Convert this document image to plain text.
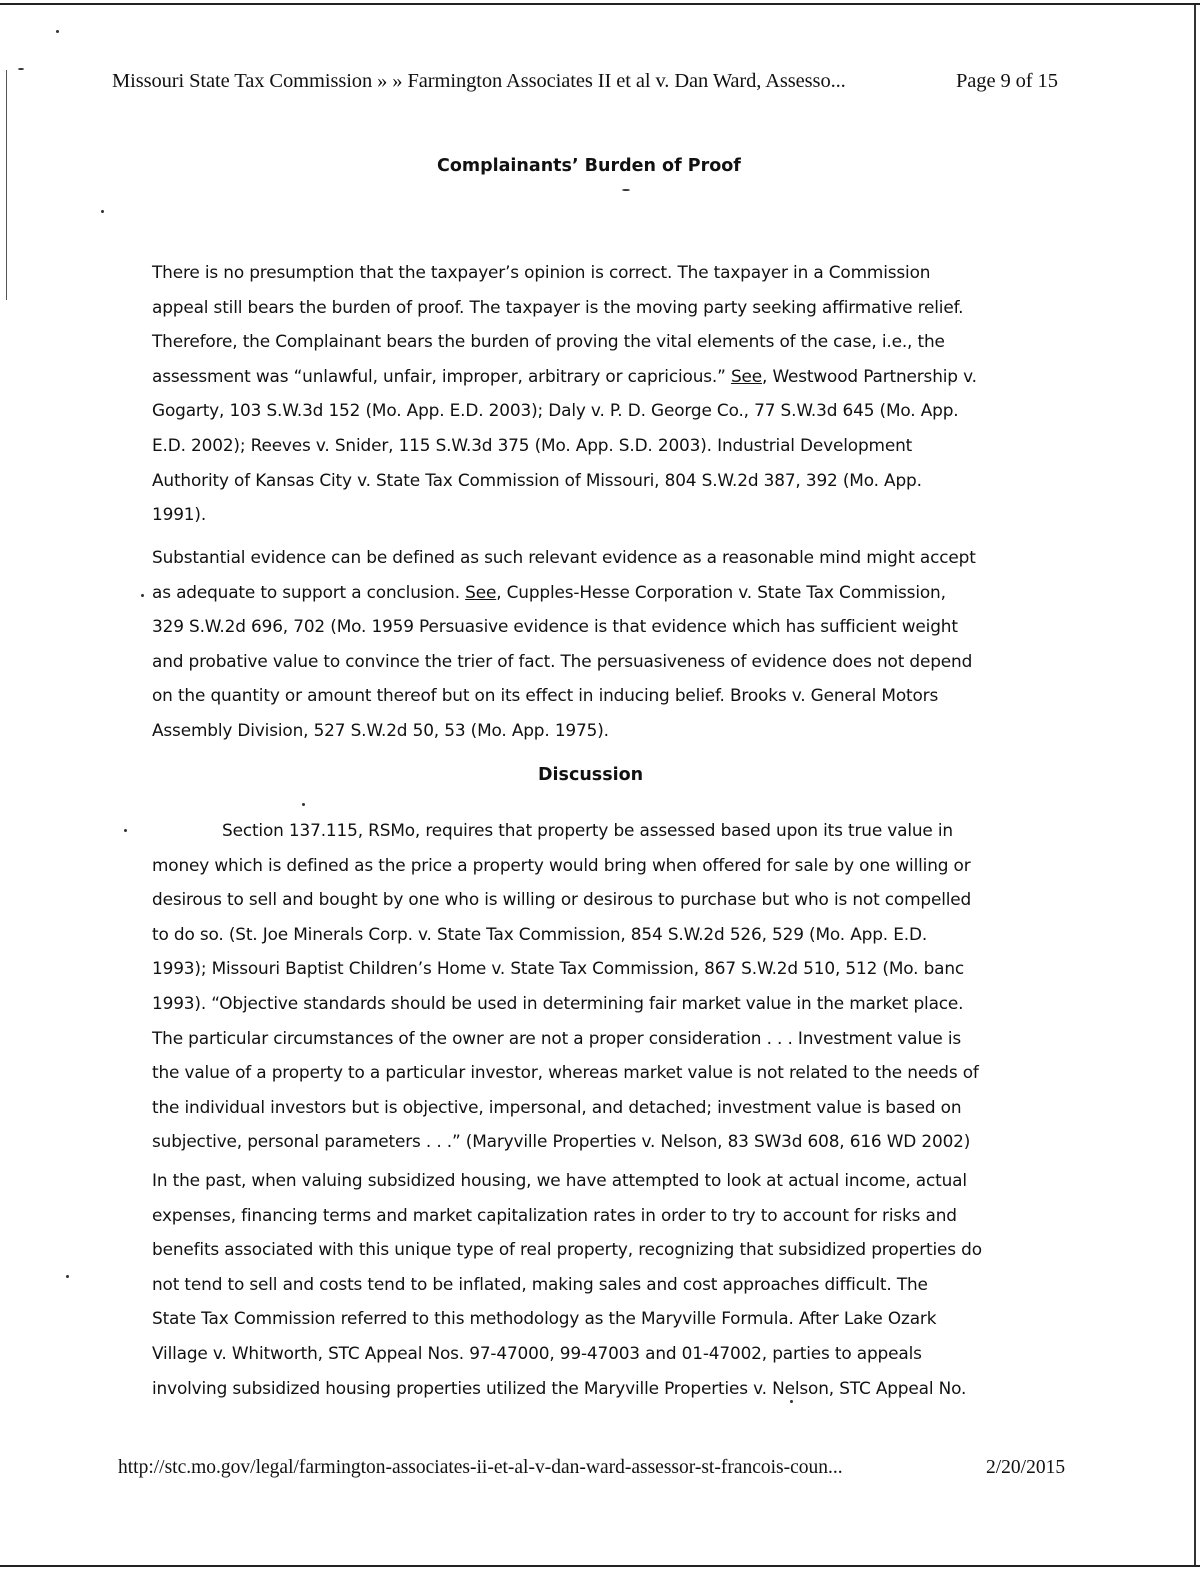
Missouri State Tax Commission » » Farmington Associates II et al v. Dan Ward, Assesso...	Page 9 of 15
Complainants’ Burden of Proof
There is no presumption that the taxpayer’s opinion is correct. The taxpayer in a Commission
appeal still bears the burden of proof. The taxpayer is the moving party seeking affirmative relief.
Therefore, the Complainant bears the burden of proving the vital elements of the case, i.e., the
assessment was “unlawful, unfair, improper, arbitrary or capricious.” See, Westwood Partnership v.
Gogarty, 103 S.W.3d 152 (Mo. App. E.D. 2003); Daly v. P. D. George Co., 77 S.W.3d 645 (Mo. App.
E.D. 2002); Reeves v. Snider, 115 S.W.3d 375 (Mo. App. S.D. 2003). Industrial Development
Authority of Kansas City v. State Tax Commission of Missouri, 804 S.W.2d 387, 392 (Mo. App.
1991).
Substantial evidence can be defined as such relevant evidence as a reasonable mind might accept
as adequate to support a conclusion. See, Cupples-Hesse Corporation v. State Tax Commission,
329 S.W.2d 696, 702 (Mo. 1959 Persuasive evidence is that evidence which has sufficient weight
and probative value to convince the trier of fact. The persuasiveness of evidence does not depend
on the quantity or amount thereof but on its effect in inducing belief. Brooks v. General Motors
Assembly Division, 527 S.W.2d 50, 53 (Mo. App. 1975).
Discussion
Section 137.115, RSMo, requires that property be assessed based upon its true value in
money which is defined as the price a property would bring when offered for sale by one willing or
desirous to sell and bought by one who is willing or desirous to purchase but who is not compelled
to do so. (St. Joe Minerals Corp. v. State Tax Commission, 854 S.W.2d 526, 529 (Mo. App. E.D.
1993); Missouri Baptist Children’s Home v. State Tax Commission, 867 S.W.2d 510, 512 (Mo. banc
1993). “Objective standards should be used in determining fair market value in the market place.
The particular circumstances of the owner are not a proper consideration . . . Investment value is
the value of a property to a particular investor, whereas market value is not related to the needs of
the individual investors but is objective, impersonal, and detached; investment value is based on
subjective, personal parameters . . .” (Maryville Properties v. Nelson, 83 SW3d 608, 616 WD 2002)
In the past, when valuing subsidized housing, we have attempted to look at actual income, actual
expenses, financing terms and market capitalization rates in order to try to account for risks and
benefits associated with this unique type of real property, recognizing that subsidized properties do
not tend to sell and costs tend to be inflated, making sales and cost approaches difficult. The
State Tax Commission referred to this methodology as the Maryville Formula. After Lake Ozark
Village v. Whitworth, STC Appeal Nos. 97-47000, 99-47003 and 01-47002, parties to appeals
involving subsidized housing properties utilized the Maryville Properties v. Nelson, STC Appeal No.
http://stc.mo.gov/legal/farmington-associates-ii-et-al-v-dan-ward-assessor-st-francois-coun...	2/20/2015
